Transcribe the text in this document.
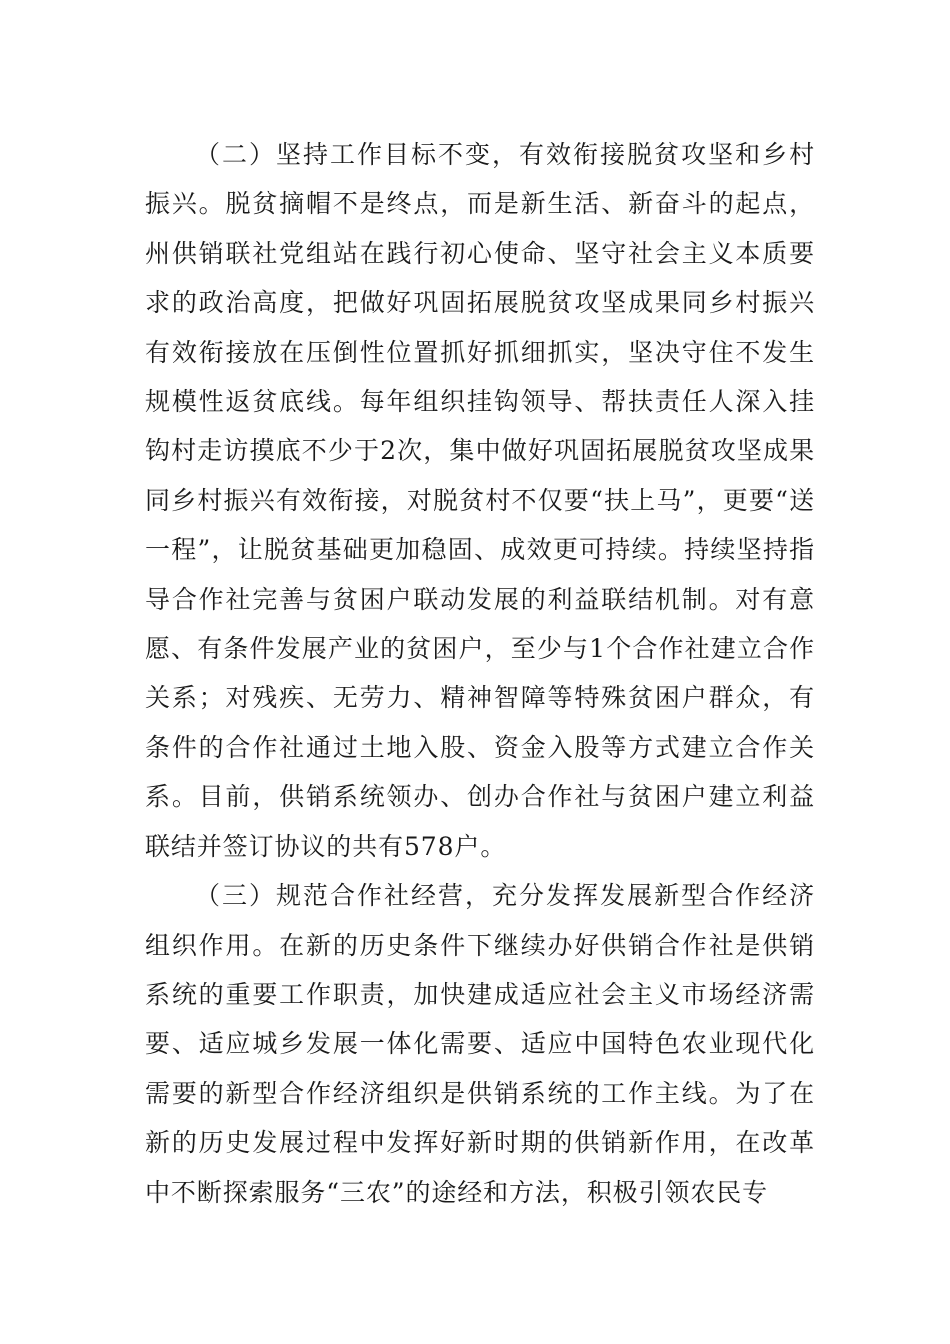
（二）坚持工作目标不变，有效衔接脱贫攻坚和乡村振兴。脱贫摘帽不是终点，而是新生活、新奋斗的起点，州供销联社党组站在践行初心使命、坚守社会主义本质要求的政治高度，把做好巩固拓展脱贫攻坚成果同乡村振兴有效衔接放在压倒性位置抓好抓细抓实，坚决守住不发生规模性返贫底线。每年组织挂钩领导、帮扶责任人深入挂钩村走访摸底不少于2次，集中做好巩固拓展脱贫攻坚成果同乡村振兴有效衔接，对脱贫村不仅要“扶上马”，更要“送一程”，让脱贫基础更加稳固、成效更可持续。持续坚持指导合作社完善与贫困户联动发展的利益联结机制。对有意愿、有条件发展产业的贫困户，至少与1个合作社建立合作关系；对残疾、无劳力、精神智障等特殊贫困户群众，有条件的合作社通过土地入股、资金入股等方式建立合作关系。目前，供销系统领办、创办合作社与贫困户建立利益联结并签订协议的共有578户。

（三）规范合作社经营，充分发挥发展新型合作经济组织作用。在新的历史条件下继续办好供销合作社是供销系统的重要工作职责，加快建成适应社会主义市场经济需要、适应城乡发展一体化需要、适应中国特色农业现代化需要的新型合作经济组织是供销系统的工作主线。为了在新的历史发展过程中发挥好新时期的供销新作用，在改革中不断探索服务“三农”的途经和方法，积极引领农民专
